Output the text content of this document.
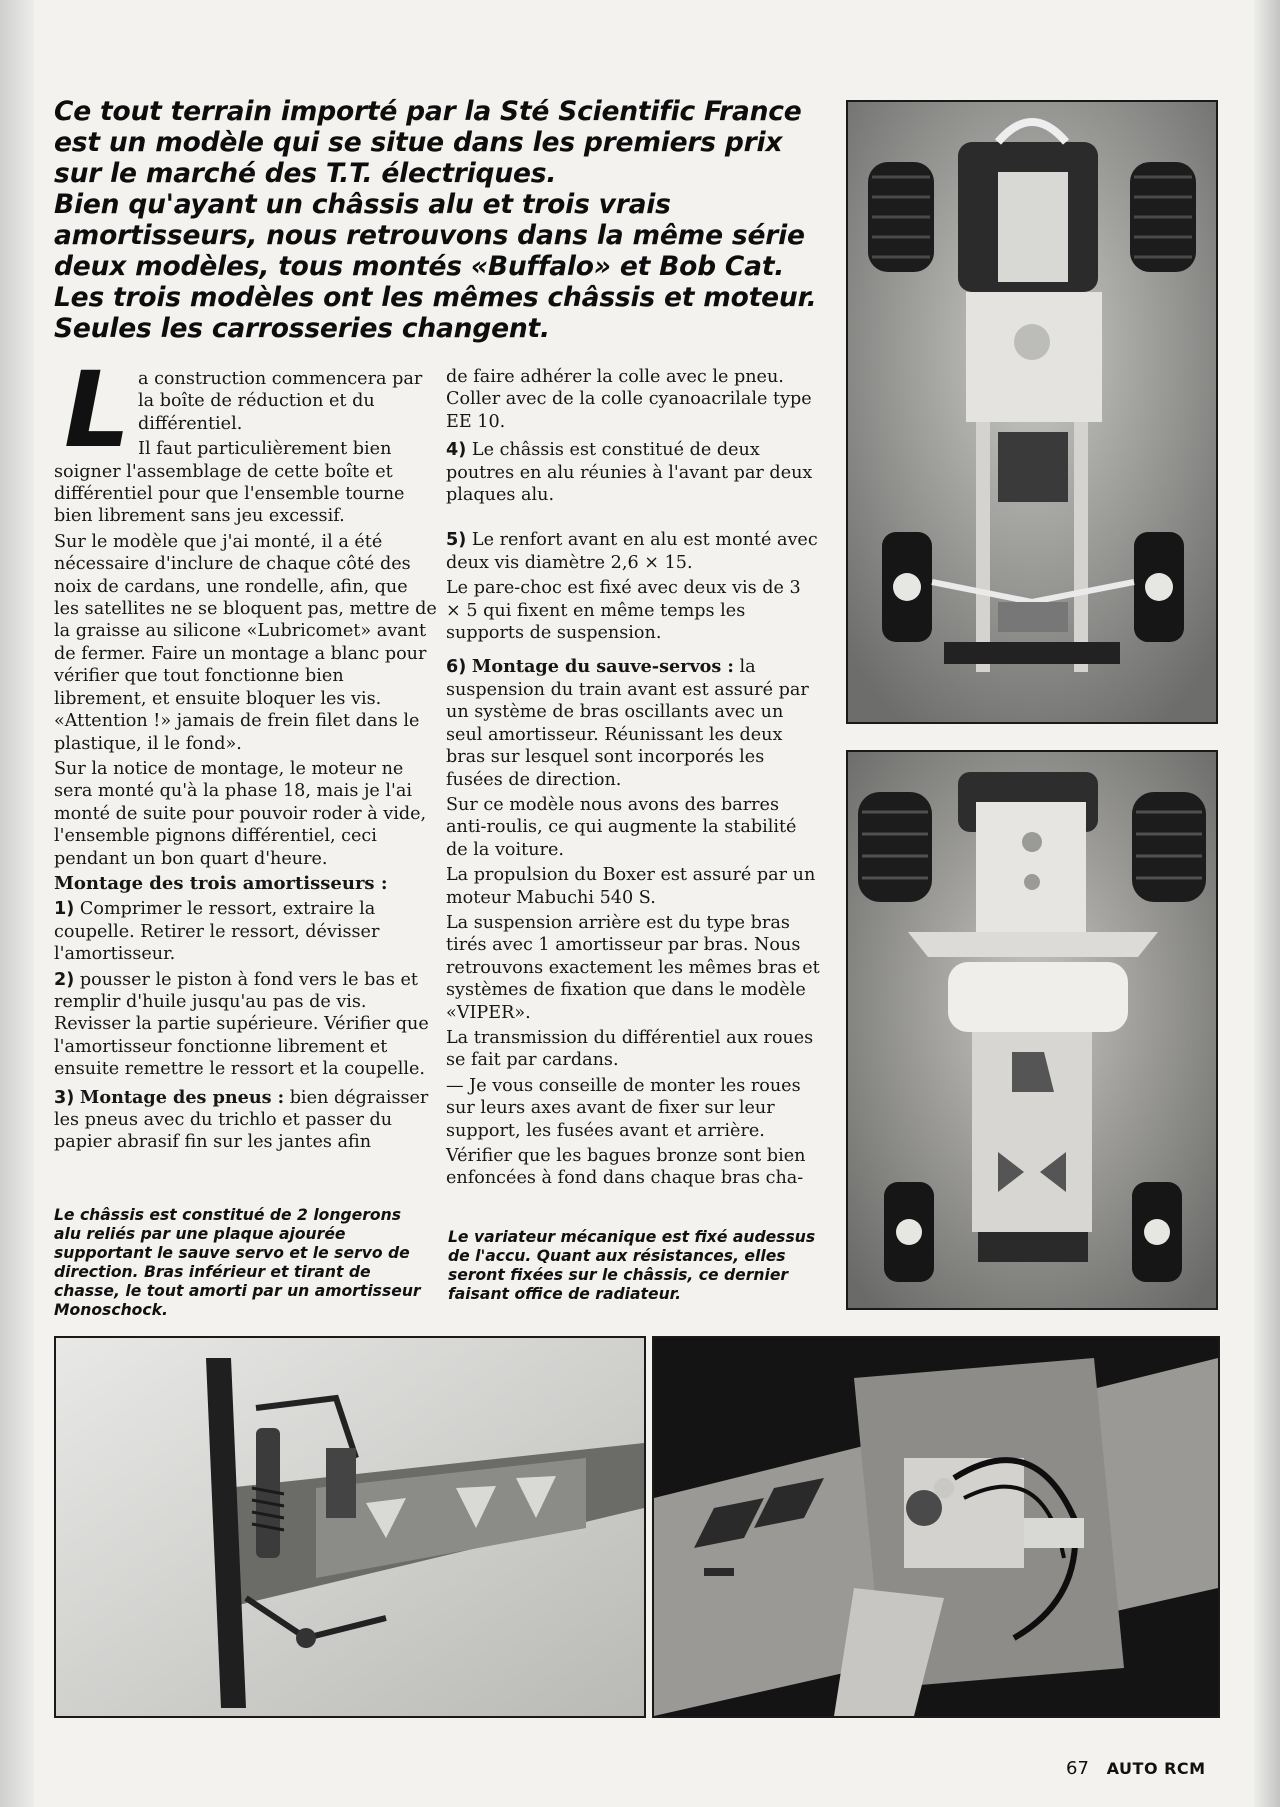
Ce tout terrain importé par la Sté Scientific France est un modèle qui se situe dans les premiers prix sur le marché des T.T. électriques.

Bien qu'ayant un châssis alu et trois vrais amortisseurs, nous retrouvons dans la même série deux modèles, tous montés «Buffalo» et Bob Cat. Les trois modèles ont les mêmes châssis et moteur. Seules les carrosseries changent.

L a construction commencera par la boîte de réduction et du différentiel.

Il faut particulièrement bien soigner l'assemblage de cette boîte et différentiel pour que l'ensemble tourne bien librement sans jeu excessif.

Sur le modèle que j'ai monté, il a été nécessaire d'inclure de chaque côté des noix de cardans, une rondelle, afin, que les satellites ne se bloquent pas, mettre de la graisse au silicone «Lubricomet» avant de fermer. Faire un montage a blanc pour vérifier que tout fonctionne bien librement, et ensuite bloquer les vis. «Attention !» jamais de frein filet dans le plastique, il le fond».

Sur la notice de montage, le moteur ne sera monté qu'à la phase 18, mais je l'ai monté de suite pour pouvoir roder à vide, l'ensemble pignons différentiel, ceci pendant un bon quart d'heure.

Montage des trois amortisseurs :

1) Comprimer le ressort, extraire la coupelle. Retirer le ressort, dévisser l'amortisseur.

2) pousser le piston à fond vers le bas et remplir d'huile jusqu'au pas de vis. Revisser la partie supérieure. Vérifier que l'amortisseur fonctionne librement et ensuite remettre le ressort et la coupelle.

3) Montage des pneus : bien dégraisser les pneus avec du trichlo et passer du papier abrasif fin sur les jantes afin

de faire adhérer la colle avec le pneu. Coller avec de la colle cyanoacrilale type EE 10.

4) Le châssis est constitué de deux poutres en alu réunies à l'avant par deux plaques alu.

5) Le renfort avant en alu est monté avec deux vis diamètre 2,6 × 15.

Le pare-choc est fixé avec deux vis de 3 × 5 qui fixent en même temps les supports de suspension.

6) Montage du sauve-servos : la suspension du train avant est assuré par un système de bras oscillants avec un seul amortisseur. Réunissant les deux bras sur lesquel sont incorporés les fusées de direction.

Sur ce modèle nous avons des barres anti-roulis, ce qui augmente la stabilité de la voiture.

La propulsion du Boxer est assuré par un moteur Mabuchi 540 S.

La suspension arrière est du type bras tirés avec 1 amortisseur par bras. Nous retrouvons exactement les mêmes bras et systèmes de fixation que dans le modèle «VIPER».

La transmission du différentiel aux roues se fait par cardans.

— Je vous conseille de monter les roues sur leurs axes avant de fixer sur leur support, les fusées avant et arrière.

Vérifier que les bagues bronze sont bien enfoncées à fond dans chaque bras cha-

Le châssis est constitué de 2 longerons alu reliés par une plaque ajourée supportant le sauve servo et le servo de direction. Bras inférieur et tirant de chasse, le tout amorti par un amortisseur Monoschock.
Le variateur mécanique est fixé audessus de l'accu. Quant aux résistances, elles seront fixées sur le châssis, ce dernier faisant office de radiateur.
67 AUTO RCM
